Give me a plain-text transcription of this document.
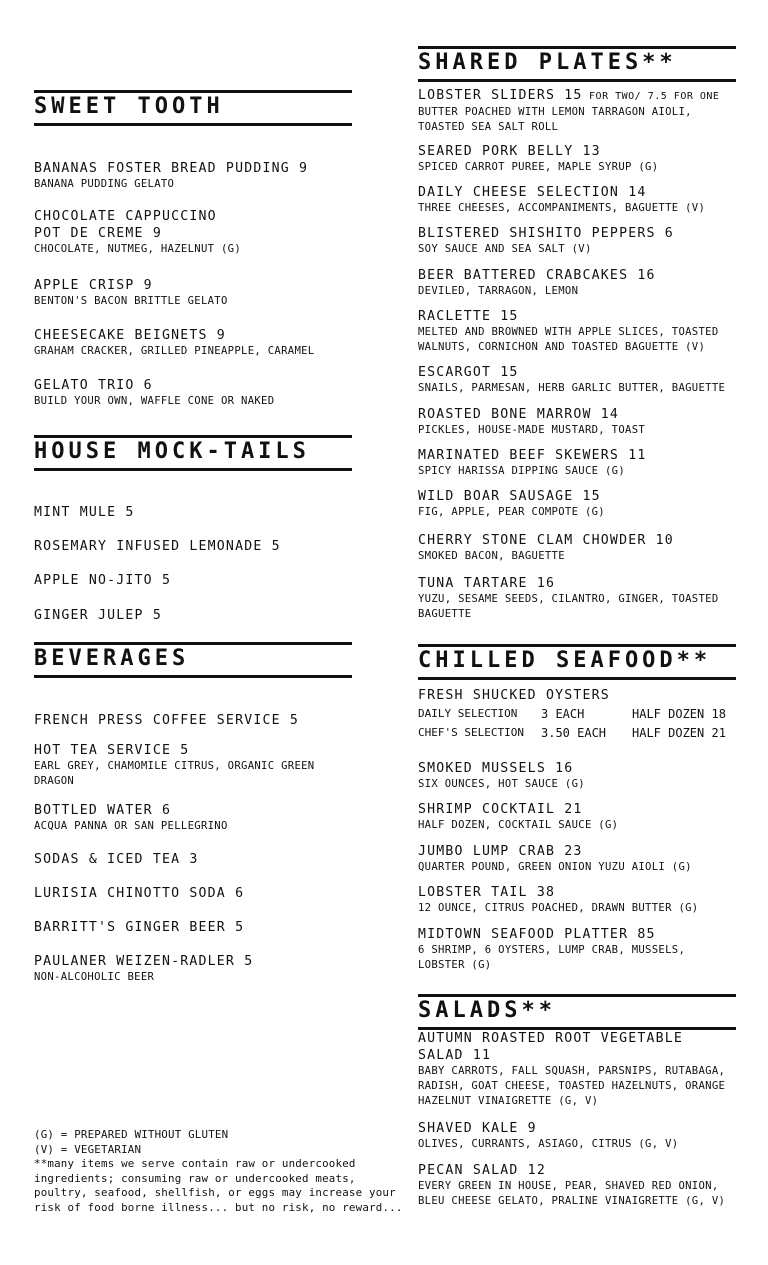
SWEET TOOTH
BANANAS FOSTER BREAD PUDDING 9
BANANA PUDDING GELATO
CHOCOLATE CAPPUCCINO
POT DE CREME 9
CHOCOLATE, NUTMEG, HAZELNUT (G)
APPLE CRISP 9
BENTON'S BACON BRITTLE GELATO
CHEESECAKE BEIGNETS 9
GRAHAM CRACKER, GRILLED PINEAPPLE, CARAMEL
GELATO TRIO 6
BUILD YOUR OWN, WAFFLE CONE OR NAKED
HOUSE MOCK-TAILS
MINT MULE 5
ROSEMARY INFUSED LEMONADE 5
APPLE NO-JITO 5
GINGER JULEP 5
BEVERAGES
FRENCH PRESS COFFEE SERVICE 5
HOT TEA SERVICE 5
EARL GREY, CHAMOMILE CITRUS, ORGANIC GREEN DRAGON
BOTTLED WATER 6
ACQUA PANNA OR SAN PELLEGRINO
SODAS & ICED TEA 3
LURISIA CHINOTTO SODA 6
BARRITT'S GINGER BEER 5
PAULANER WEIZEN-RADLER 5
NON-ALCOHOLIC BEER
(G) = PREPARED WITHOUT GLUTEN
(V) = VEGETARIAN
**many items we serve contain raw or undercooked
ingredients; consuming raw or undercooked meats,
poultry, seafood, shellfish, or eggs may increase your
risk of food borne illness... but no risk, no reward...
SHARED PLATES**
LOBSTER SLIDERS 15 FOR TWO/ 7.5 FOR ONE
BUTTER POACHED WITH LEMON TARRAGON AIOLI, TOASTED SEA SALT ROLL
SEARED PORK BELLY 13
SPICED CARROT PUREE, MAPLE SYRUP (G)
DAILY CHEESE SELECTION 14
THREE CHEESES, ACCOMPANIMENTS, BAGUETTE (V)
BLISTERED SHISHITO PEPPERS 6
SOY SAUCE AND SEA SALT (V)
BEER BATTERED CRABCAKES 16
DEVILED, TARRAGON, LEMON
RACLETTE 15
MELTED AND BROWNED WITH APPLE SLICES, TOASTED WALNUTS, CORNICHON AND TOASTED BAGUETTE (V)
ESCARGOT 15
SNAILS, PARMESAN, HERB GARLIC BUTTER, BAGUETTE
ROASTED BONE MARROW 14
PICKLES, HOUSE-MADE MUSTARD, TOAST
MARINATED BEEF SKEWERS 11
SPICY HARISSA DIPPING SAUCE (G)
WILD BOAR SAUSAGE 15
FIG, APPLE, PEAR COMPOTE (G)
CHERRY STONE CLAM CHOWDER 10
SMOKED BACON, BAGUETTE
TUNA TARTARE 16
YUZU, SESAME SEEDS, CILANTRO, GINGER, TOASTED BAGUETTE
CHILLED SEAFOOD**
FRESH SHUCKED OYSTERS
DAILY SELECTION 3 EACH	HALF DOZEN 18
CHEF'S SELECTION 3.50 EACH HALF DOZEN 21
SMOKED MUSSELS 16
SIX OUNCES, HOT SAUCE (G)
SHRIMP COCKTAIL 21
HALF DOZEN, COCKTAIL SAUCE (G)
JUMBO LUMP CRAB 23
QUARTER POUND, GREEN ONION YUZU AIOLI (G)
LOBSTER TAIL 38
12 OUNCE, CITRUS POACHED, DRAWN BUTTER (G)
MIDTOWN SEAFOOD PLATTER 85
6 SHRIMP, 6 OYSTERS, LUMP CRAB, MUSSELS, LOBSTER (G)
SALADS**
AUTUMN ROASTED ROOT VEGETABLE
SALAD 11
BABY CARROTS, FALL SQUASH, PARSNIPS, RUTABAGA, RADISH, GOAT CHEESE, TOASTED HAZELNUTS, ORANGE HAZELNUT VINAIGRETTE (G, V)
SHAVED KALE 9
OLIVES, CURRANTS, ASIAGO, CITRUS (G, V)
PECAN SALAD 12
EVERY GREEN IN HOUSE, PEAR, SHAVED RED ONION, BLEU CHEESE GELATO, PRALINE VINAIGRETTE (G, V)
